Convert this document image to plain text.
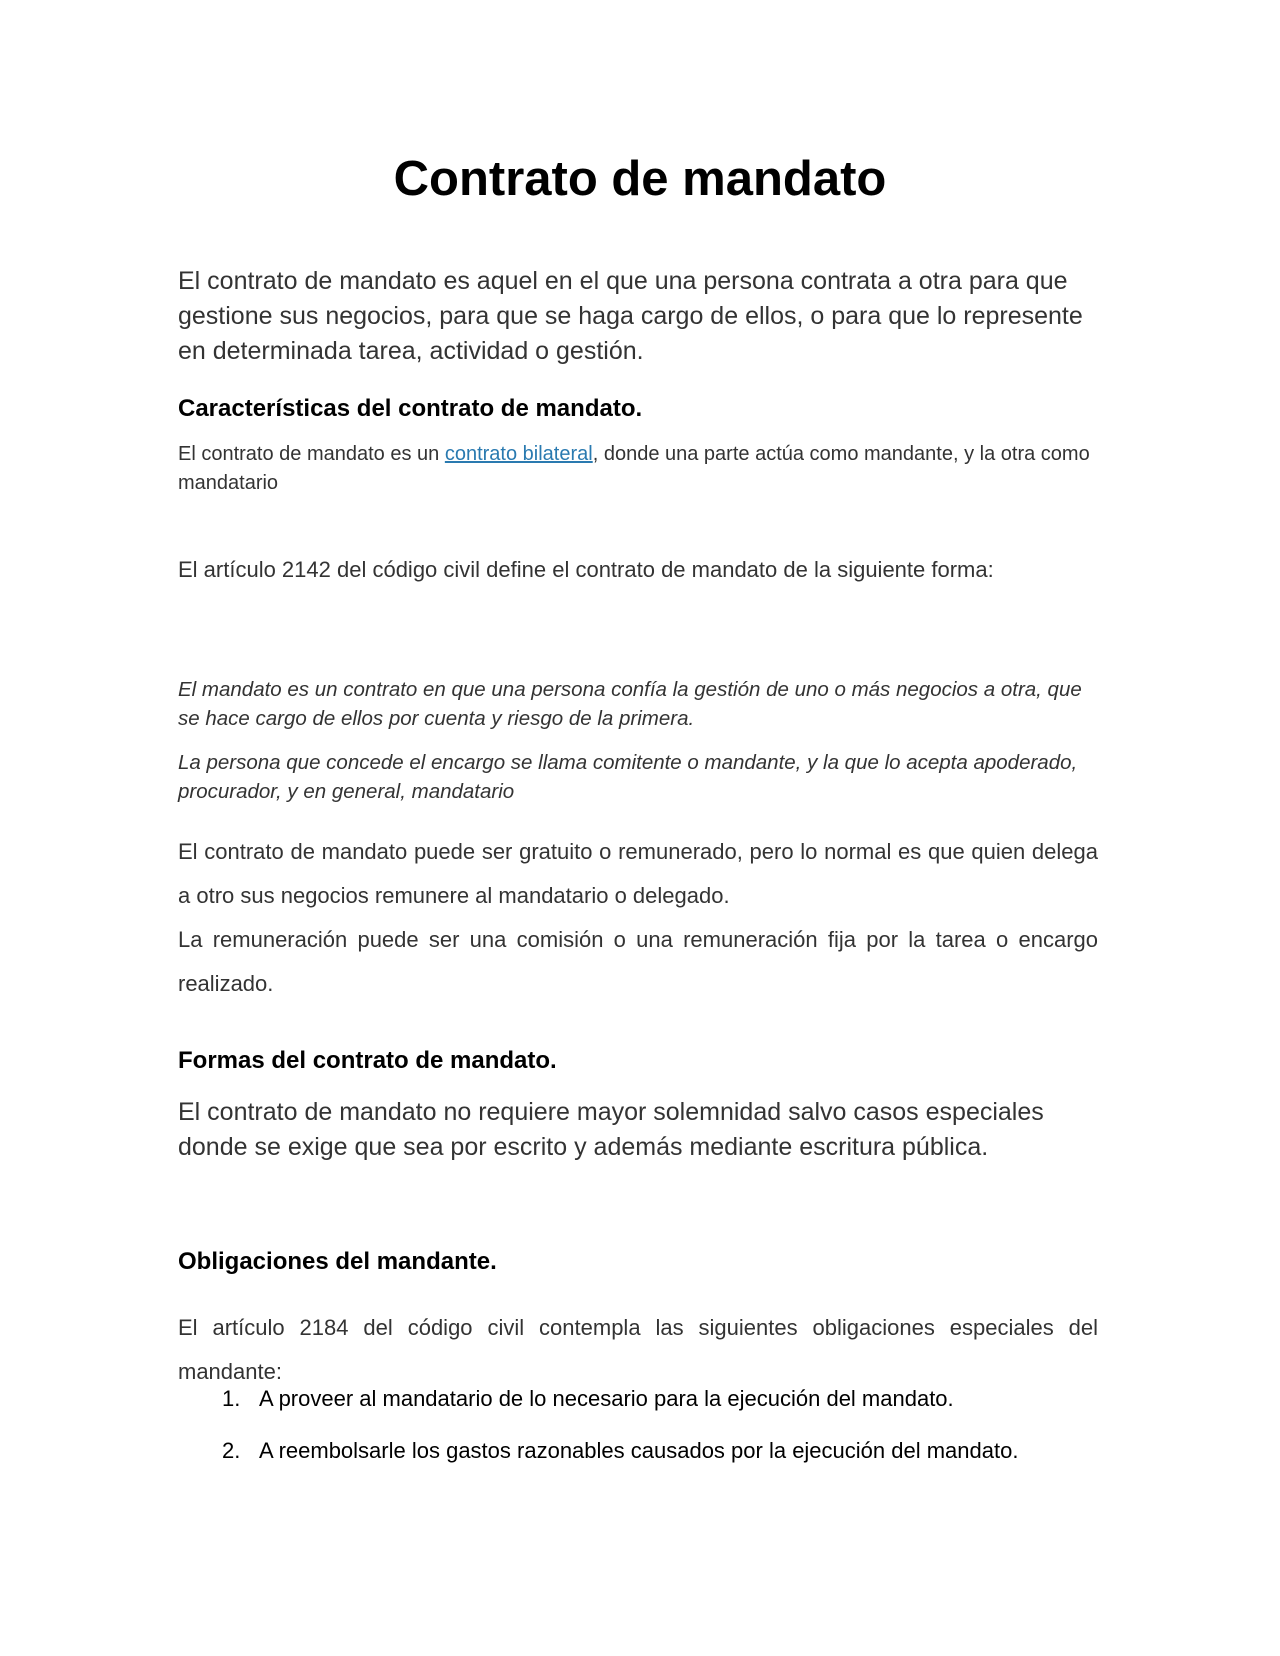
Contrato de mandato

El contrato de mandato es aquel en el que una persona contrata a otra para que gestione sus negocios, para que se haga cargo de ellos, o para que lo represente en determinada tarea, actividad o gestión.

Características del contrato de mandato.

El contrato de mandato es un contrato bilateral, donde una parte actúa como mandante, y la otra como mandatario

El artículo 2142 del código civil define el contrato de mandato de la siguiente forma:

El mandato es un contrato en que una persona confía la gestión de uno o más negocios a otra, que se hace cargo de ellos por cuenta y riesgo de la primera.

La persona que concede el encargo se llama comitente o mandante, y la que lo acepta apoderado, procurador, y en general, mandatario

El contrato de mandato puede ser gratuito o remunerado, pero lo normal es que quien delega a otro sus negocios remunere al mandatario o delegado.

La remuneración puede ser una comisión o una remuneración fija por la tarea o encargo realizado.

Formas del contrato de mandato.

El contrato de mandato no requiere mayor solemnidad salvo casos especiales donde se exige que sea por escrito y además mediante escritura pública.

Obligaciones del mandante.

El artículo 2184 del código civil contempla las siguientes obligaciones especiales del mandante:

1. A proveer al mandatario de lo necesario para la ejecución del mandato.
2. A reembolsarle los gastos razonables causados por la ejecución del mandato.
